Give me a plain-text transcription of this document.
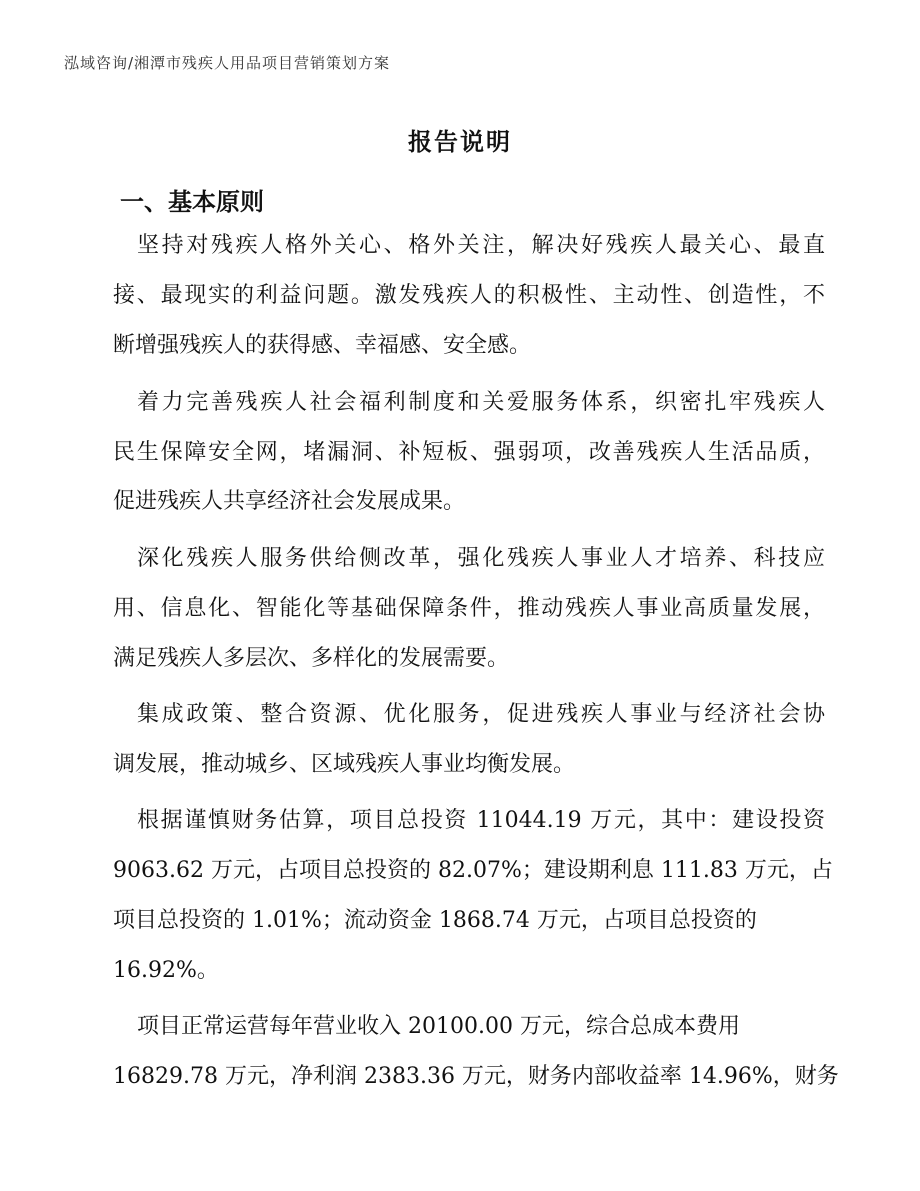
泓域咨询/湘潭市残疾人用品项目营销策划方案
报告说明
一、基本原则
坚持对残疾人格外关心、格外关注，解决好残疾人最关心、最直
接、最现实的利益问题。激发残疾人的积极性、主动性、创造性，不
断增强残疾人的获得感、幸福感、安全感。
着力完善残疾人社会福利制度和关爱服务体系，织密扎牢残疾人
民生保障安全网，堵漏洞、补短板、强弱项，改善残疾人生活品质，
促进残疾人共享经济社会发展成果。
深化残疾人服务供给侧改革，强化残疾人事业人才培养、科技应
用、信息化、智能化等基础保障条件，推动残疾人事业高质量发展，
满足残疾人多层次、多样化的发展需要。
集成政策、整合资源、优化服务，促进残疾人事业与经济社会协
调发展，推动城乡、区域残疾人事业均衡发展。
根据谨慎财务估算，项目总投资 11044.19 万元，其中：建设投资
9063.62 万元，占项目总投资的 82.07%；建设期利息 111.83 万元，占
项目总投资的 1.01%；流动资金 1868.74 万元，占项目总投资的
16.92%。
项目正常运营每年营业收入 20100.00 万元，综合总成本费用
16829.78 万元，净利润 2383.36 万元，财务内部收益率 14.96%，财务
